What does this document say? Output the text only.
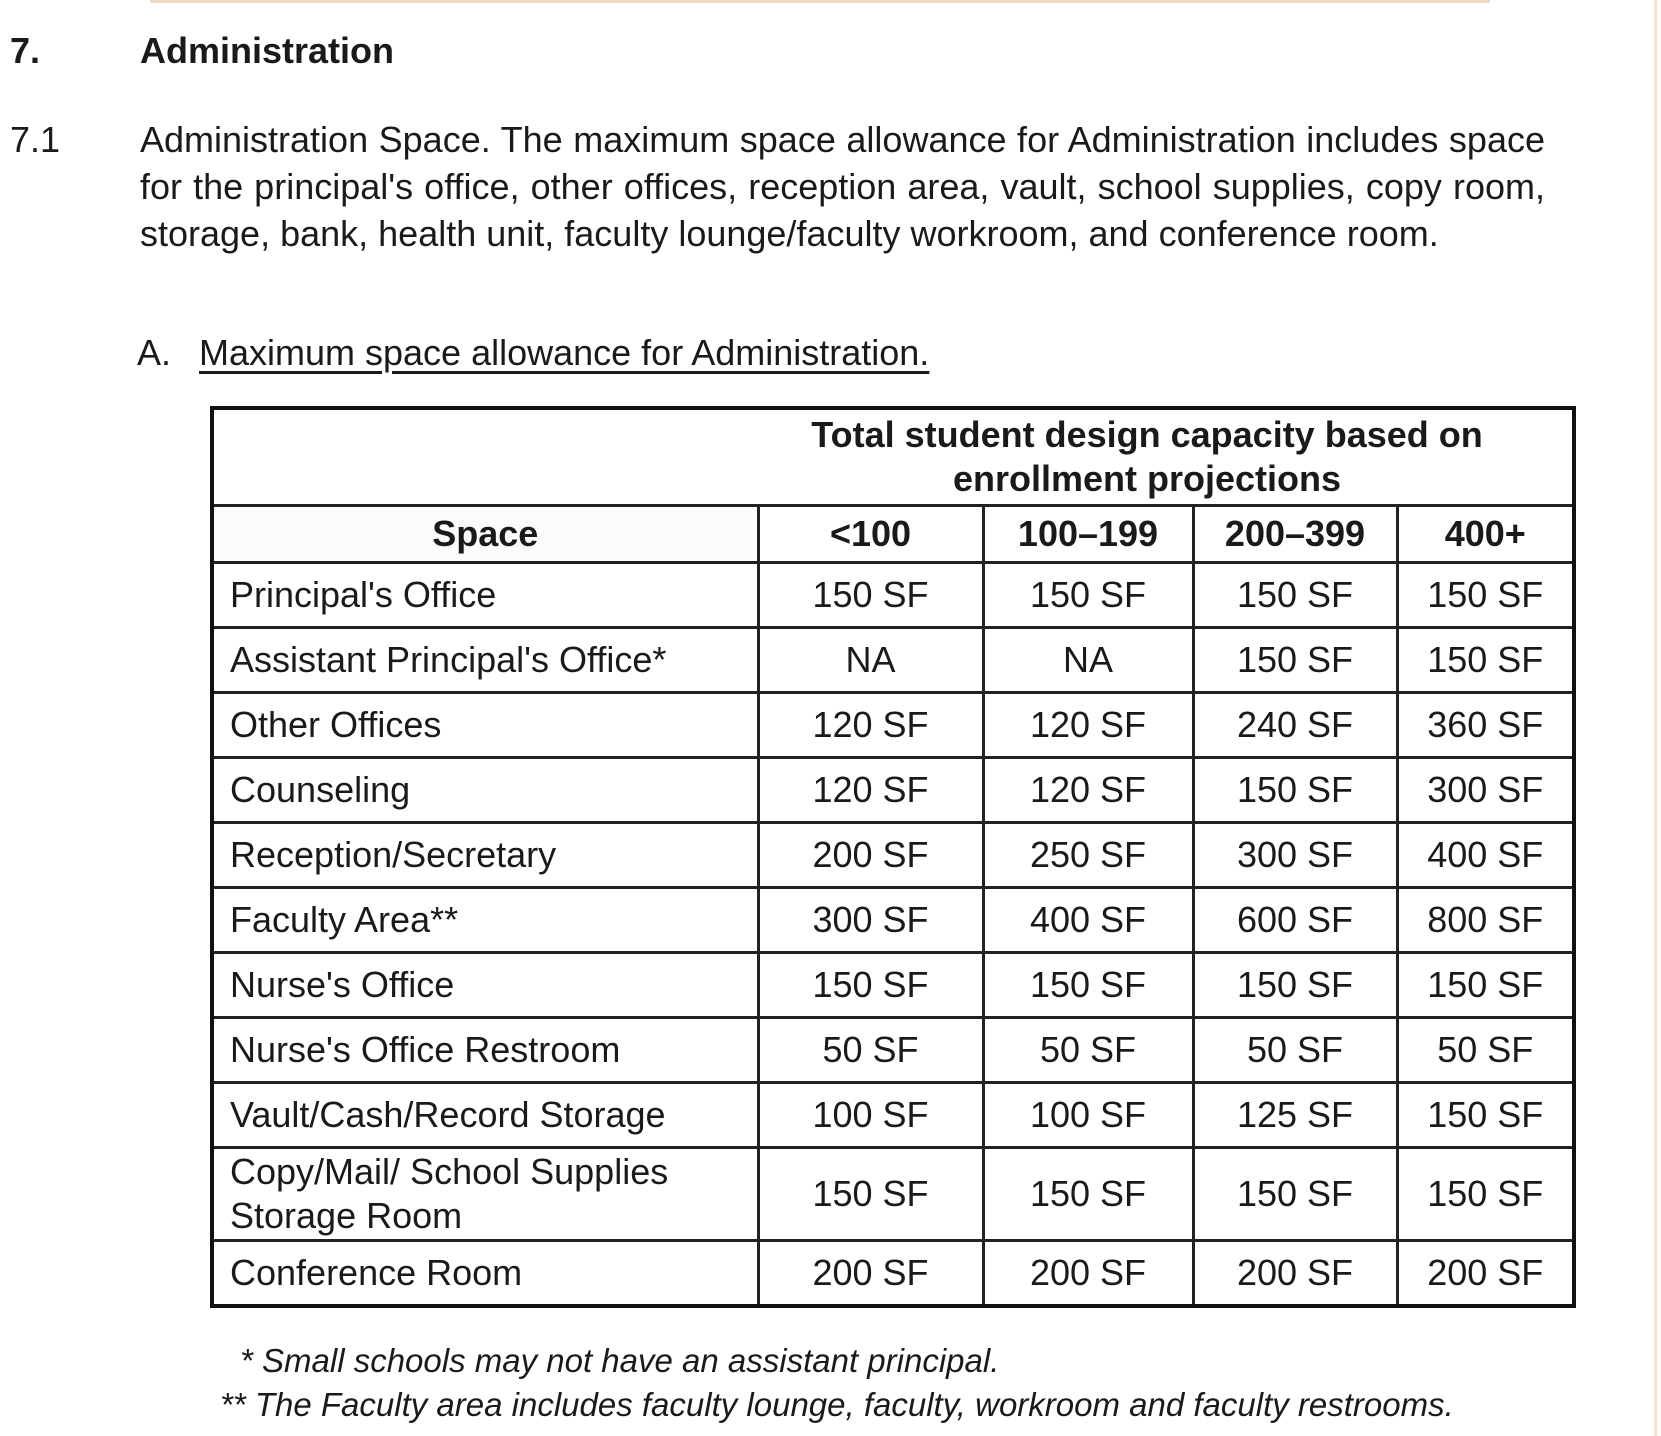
7.	Administration
7.1	Administration Space. The maximum space allowance for Administration includes space for the principal's office, other offices, reception area, vault, school supplies, copy room, storage, bank, health unit, faculty lounge/faculty workroom, and conference room.
A. Maximum space allowance for Administration.
Total student design capacity based on enrollment projections				
Space	<100	100–199	200–399	400+
Principal's Office	150 SF	150 SF	150 SF	150 SF
Assistant Principal's Office*	NA	NA	150 SF	150 SF
Other Offices	120 SF	120 SF	240 SF	360 SF
Counseling	120 SF	120 SF	150 SF	300 SF
Reception/Secretary	200 SF	250 SF	300 SF	400 SF
Faculty Area**	300 SF	400 SF	600 SF	800 SF
Nurse's Office	150 SF	150 SF	150 SF	150 SF
Nurse's Office Restroom	50 SF	50 SF	50 SF	50 SF
Vault/Cash/Record Storage	100 SF	100 SF	125 SF	150 SF
Copy/Mail/ School Supplies Storage Room	150 SF	150 SF	150 SF	150 SF
Conference Room	200 SF	200 SF	200 SF	200 SF
* Small schools may not have an assistant principal.
** The Faculty area includes faculty lounge, faculty, workroom and faculty restrooms.
